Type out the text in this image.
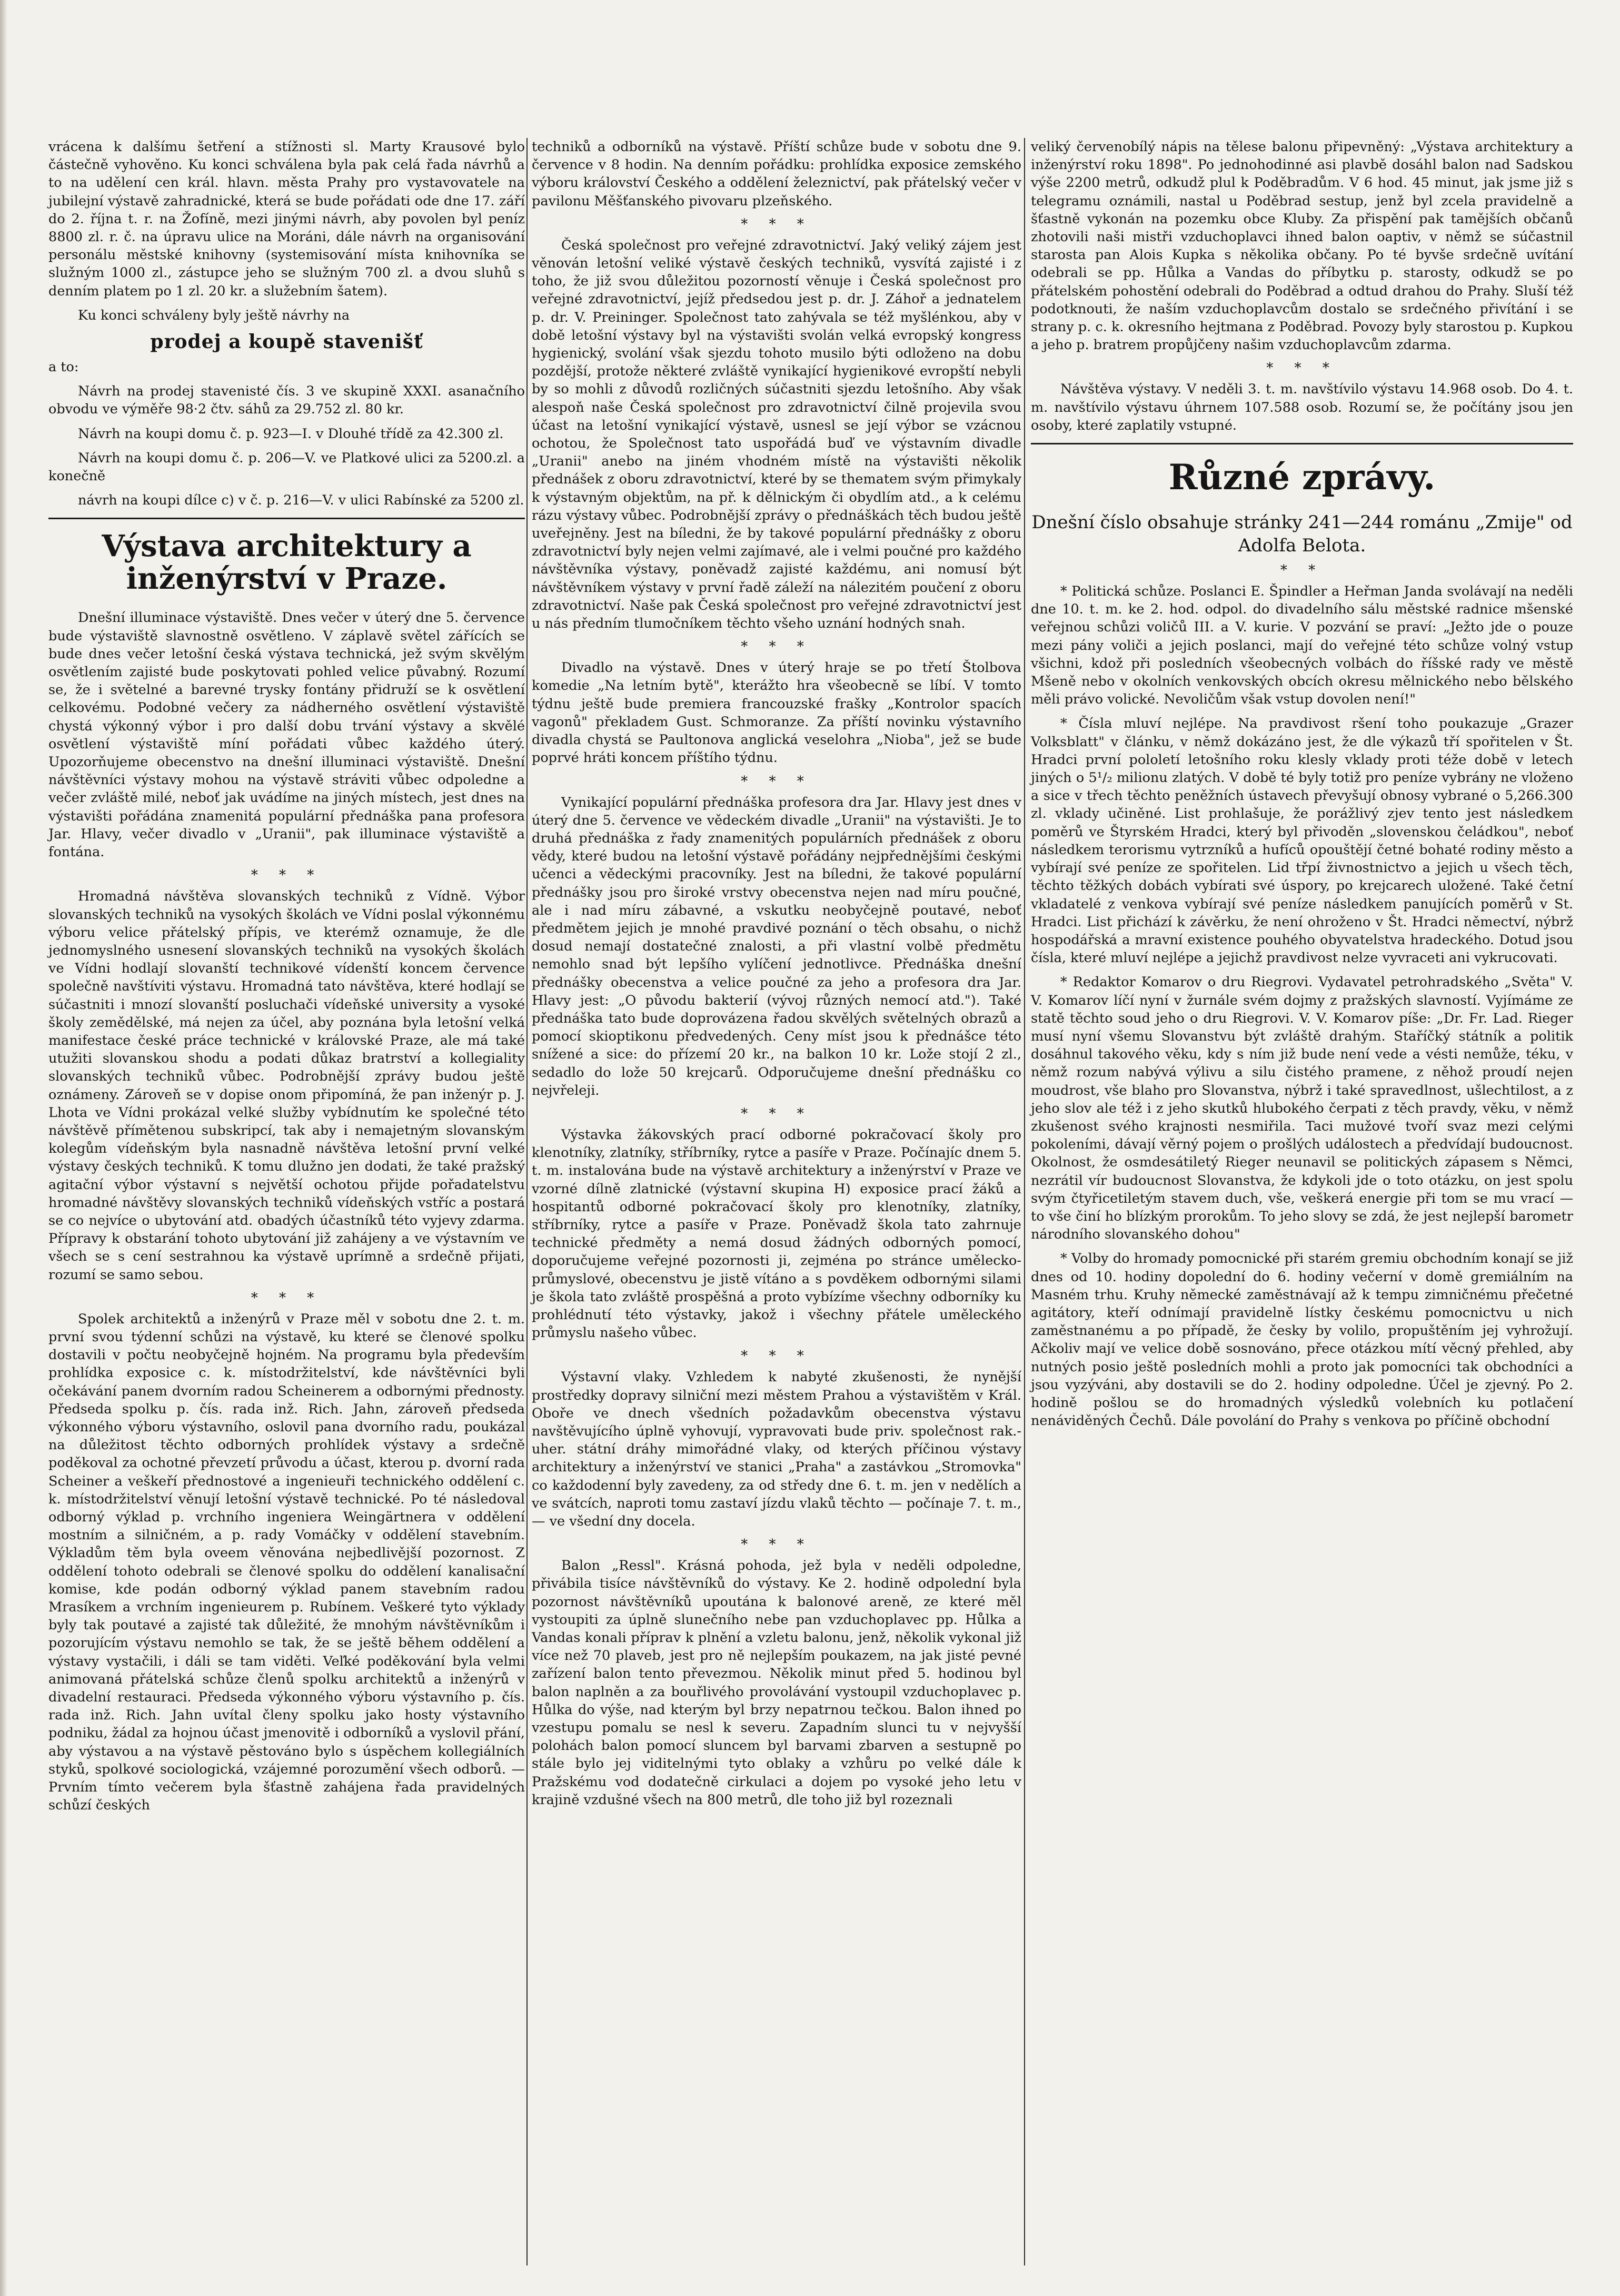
vrácena k dalšímu šetření a stížnosti sl. Marty Krausové bylo částečně vyhověno. Ku konci schválena byla pak celá řada návrhů a to na udělení cen král. hlavn. města Prahy pro vystavovatele na jubilejní výstavě zahradnické, která se bude pořádati ode dne 17. září do 2. října t. r. na Žofíně, mezi jinými návrh, aby povolen byl peníz 8800 zl. r. č. na úpravu ulice na Moráni, dále návrh na organisování personálu městské knihovny (systemisování místa knihovníka se služným 1000 zl., zástupce jeho se služným 700 zl. a dvou sluhů s denním platem po 1 zl. 20 kr. a služebním šatem).

Ku konci schváleny byly ještě návrhy na

prodej a koupě stavenišť

a to:

Návrh na prodej stavenisté čís. 3 ve skupině XXXI. asanačního obvodu ve výměře 98·2 čtv. sáhů za 29.752 zl. 80 kr.

Návrh na koupi domu č. p. 923—I. v Dlouhé třídě za 42.300 zl.

Návrh na koupi domu č. p. 206—V. ve Platkové ulici za 5200.zl. a konečně

návrh na koupi dílce c) v č. p. 216—V. v ulici Rabínské za 5200 zl.

Výstava architektury a inženýrství v Praze.

Dnešní illuminace výstaviště. Dnes večer v úterý dne 5. července bude výstaviště slavnostně osvětleno. V záplavě světel zářících se bude dnes večer letošní česká výstava technická, jež svým skvělým osvětlením zajisté bude poskytovati pohled velice půvabný. Rozumí se, že i světelné a barevné trysky fontány přidruží se k osvětlení celkovému. Podobné večery za nádherného osvětlení výstaviště chystá výkonný výbor i pro další dobu trvání výstavy a skvělé osvětlení výstaviště míní pořádati vůbec každého úterý. Upozorňujeme obecenstvo na dnešní illuminaci výstaviště. Dnešní návštěvníci výstavy mohou na výstavě stráviti vůbec odpoledne a večer zvláště milé, neboť jak uvádíme na jiných místech, jest dnes na výstavišti pořádána znamenitá populární přednáška pana profesora Jar. Hlavy, večer divadlo v „Uranii", pak illuminace výstaviště a fontána.

* * *

Hromadná návštěva slovanských techniků z Vídně. Výbor slovanských techniků na vysokých školách ve Vídni poslal výkonnému výboru velice přátelský přípis, ve kterémž oznamuje, že dle jednomyslného usnesení slovanských techniků na vysokých školách ve Vídni hodlají slovanští technikové vídenští koncem července společně navštíviti výstavu. Hromadná tato návštěva, které hodlají se súčastniti i mnozí slovanští posluchači vídeňské university a vysoké školy zemědělské, má nejen za účel, aby poznána byla letošní velká manifestace české práce technické v královské Praze, ale má také utužiti slovanskou shodu a podati důkaz bratrství a kollegiality slovanských techniků vůbec. Podrobnější zprávy budou ještě oznámeny. Zároveň se v dopise onom připomíná, že pan inženýr p. J. Lhota ve Vídni prokázal velké služby vybídnutím ke společné této návštěvě přímětenou subskripcí, tak aby i nemajetným slovanským kolegům vídeňským byla nasnadně návštěva letošní první velké výstavy českých techniků. K tomu dlužno jen dodati, že také pražský agitační výbor výstavní s největší ochotou přijde pořadatelstvu hromadné návštěvy slovanských techniků vídeňských vstříc a postará se co nejvíce o ubytování atd. obadých účastníků této vyjevy zdarma. Přípravy k obstarání tohoto ubytování již zahájeny a ve výstavním ve všech se s cení sestrahnou ka výstavě uprímně a srdečně přijati, rozumí se samo sebou.

* * *

Spolek architektů a inženýrů v Praze měl v sobotu dne 2. t. m. první svou týdenní schůzi na výstavě, ku které se členové spolku dostavili v počtu neobyčejně hojném. Na programu byla především prohlídka exposice c. k. místodržitelství, kde návštěvníci byli očekávání panem dvorním radou Scheinerem a odbornými přednosty. Předseda spolku p. čís. rada inž. Rich. Jahn, zároveň předseda výkonného výboru výstavního, oslovil pana dvorního radu, poukázal na důležitost těchto odborných prohlídek výstavy a srdečně poděkoval za ochotné převzetí průvodu a účast, kterou p. dvorní rada Scheiner a veškeří přednostové a ingenieuři technického oddělení c. k. místodržitelství věnují letošní výstavě technické. Po té následoval odborný výklad p. vrchního ingeniera Weingärtnera v oddělení mostním a silničném, a p. rady Vomáčky v oddělení stavebním. Výkladům těm byla oveem věnována nejbedlivější pozornost. Z oddělení tohoto odebrali se členové spolku do oddělení kanalisační komise, kde podán odborný výklad panem stavebním radou Mrasíkem a vrchním ingenieurem p. Rubínem. Veškeré tyto výklady byly tak poutavé a zajisté tak důležité, že mnohým návštěvníkům i pozorujícím výstavu nemohlo se tak, že se ještě během oddělení a výstavy vystačili, i dáli se tam viděti. Veľké poděkování byla velmi animovaná přátelská schůze členů spolku architektů a inženýrů v divadelní restauraci. Předseda výkonného výboru výstavního p. čís. rada inž. Rich. Jahn uvítal členy spolku jako hosty výstavního podniku, žádal za hojnou účast jmenovitě i odborníků a vyslovil přání, aby výstavou a na výstavě pěstováno bylo s úspěchem kollegiálních styků, spolkové sociologická, vzájemné porozumění všech odborů. — Prvním tímto večerem byla šťastně zahájena řada pravidelných schůzí českých

techniků a odborníků na výstavě. Příští schůze bude v sobotu dne 9. července v 8 hodin. Na denním pořádku: prohlídka exposice zemského výboru království Českého a oddělení železnictví, pak přátelský večer v pavilonu Měšťanského pivovaru plzeňského.

* * *

Česká společnost pro veřejné zdravotnictví. Jaký veliký zájem jest věnován letošní veliké výstavě českých techniků, vysvítá zajisté i z toho, že již svou důležitou pozorností věnuje i Česká společnost pro veřejné zdravotnictví, jejíž předsedou jest p. dr. J. Záhoř a jednatelem p. dr. V. Preininger. Společnost tato zahývala se též myšlénkou, aby v době letošní výstavy byl na výstavišti svolán velká evropský kongress hygienický, svolání však sjezdu tohoto musilo býti odloženo na dobu pozdější, protože některé zvláště vynikající hygienikové evropští nebyli by so mohli z důvodů rozličných súčastniti sjezdu letošního. Aby však alespoň naše Česká společnost pro zdravotnictví čilně projevila svou účast na letošní vynikající výstavě, usnesl se její výbor se vzácnou ochotou, že Společnost tato uspořádá buď ve výstavním divadle „Uranii" anebo na jiném vhodném místě na výstavišti několik přednášek z oboru zdravotnictví, které by se thematem svým přimykaly k výstavným objektům, na př. k dělnickým či obydlím atd., a k celému rázu výstavy vůbec. Podrobnější zprávy o přednáškách těch budou ještě uveřejněny. Jest na bíledni, že by takové populární přednášky z oboru zdravotnictví byly nejen velmi zajímavé, ale i velmi poučné pro každého návštěvníka výstavy, poněvadž zajisté každému, ani nomusí být návštěvníkem výstavy v první řadě záleží na nálezitém poučení z oboru zdravotnictví. Naše pak Česká společnost pro veřejné zdravotnictví jest u nás předním tlumočníkem těchto všeho uznání hodných snah.

* * *

Divadlo na výstavě. Dnes v úterý hraje se po třetí Štolbova komedie „Na letním bytě", kterážto hra všeobecně se líbí. V tomto týdnu ještě bude premiera francouzské frašky „Kontrolor spacích vagonů" překladem Gust. Schmoranze. Za příští novinku výstavního divadla chystá se Paultonova anglická veselohra „Nioba", jež se bude poprvé hráti koncem příštího týdnu.

* * *

Vynikající populární přednáška profesora dra Jar. Hlavy jest dnes v úterý dne 5. července ve vědeckém divadle „Uranii" na výstavišti. Je to druhá přednáška z řady znamenitých populárních přednášek z oboru vědy, které budou na letošní výstavě pořádány nejpřednějšími českými učenci a vědeckými pracovníky. Jest na bíledni, že takové populární přednášky jsou pro široké vrstvy obecenstva nejen nad míru poučné, ale i nad míru zábavné, a vskutku neobyčejně poutavé, neboť předmětem jejich je mnohé pravdivé poznání o těch obsahu, o nichž dosud nemají dostatečné znalosti, a při vlastní volbě předmětu nemohlo snad být lepšího vylíčení jednotlivce. Přednáška dnešní přednášky obecenstva a velice poučné za jeho a profesora dra Jar. Hlavy jest: „O původu bakterií (vývoj různých nemocí atd."). Také přednáška tato bude doprovázena řadou skvělých světelných obrazů a pomocí skioptikonu předvedených. Ceny míst jsou k přednášce této snížené a sice: do přízemí 20 kr., na balkon 10 kr. Lože stojí 2 zl., sedadlo do lože 50 krejcarů. Odporučujeme dnešní přednášku co nejvřeleji.

* * *

Výstavka žákovských prací odborné pokračovací školy pro klenotníky, zlatníky, stříbrníky, rytce a pasíře v Praze. Počínajíc dnem 5. t. m. instalována bude na výstavě architektury a inženýrství v Praze ve vzorné dílně zlatnické (výstavní skupina H) exposice prací žáků a hospitantů odborné pokračovací školy pro klenotníky, zlatníky, stříbrníky, rytce a pasíře v Praze. Poněvadž škola tato zahrnuje technické předměty a nemá dosud žádných odborných pomocí, doporučujeme veřejné pozornosti ji, zejména po stránce umělecko-průmyslové, obecenstvu je jistě vítáno a s povděkem odbornými silami je škola tato zvláště prospěšná a proto vybízíme všechny odborníky ku prohlédnutí této výstavky, jakož i všechny přátele uměleckého průmyslu našeho vůbec.

* * *

Výstavní vlaky. Vzhledem k nabyté zkušenosti, že nynější prostředky dopravy silniční mezi městem Prahou a výstavištěm v Král. Oboře ve dnech všedních požadavkům obecenstva výstavu navštěvujícího úplně vyhovují, vypravovati bude priv. společnost rak.-uher. státní dráhy mimořádné vlaky, od kterých příčinou výstavy architektury a inženýrství ve stanici „Praha" a zastávkou „Stromovka" co každodenní byly zavedeny, za od středy dne 6. t. m. jen v nedělích a ve svátcích, naproti tomu zastaví jízdu vlaků těchto — počínaje 7. t. m., — ve všední dny docela.

* * *

Balon „Ressl". Krásná pohoda, jež byla v neděli odpoledne, přivábila tisíce návštěvníků do výstavy. Ke 2. hodině odpolední byla pozornost návštěvníků upoutána k balonové areně, ze které měl vystoupiti za úplně slunečního nebe pan vzduchoplavec pp. Hůlka a Vandas konali příprav k plnění a vzletu balonu, jenž, několik vykonal již více než 70 plaveb, jest pro ně nejlepším poukazem, na jak jisté pevné zařízení balon tento převezmou. Několik minut před 5. hodinou byl balon naplněn a za bouřlivého provolávání vystoupil vzduchoplavec p. Hůlka do výše, nad kterým byl brzy nepatrnou tečkou. Balon ihned po vzestupu pomalu se nesl k severu. Zapadním slunci tu v nejvyšší polohách balon pomocí sluncem byl barvami zbarven a sestupně po stále bylo jej viditelnými tyto oblaky a vzhůru po velké dále k Pražskému vod dodatečně cirkulaci a dojem po vysoké jeho letu v krajině vzdušné všech na 800 metrů, dle toho již byl rozeznali

veliký červenobílý nápis na tělese balonu připevněný: „Výstava architektury a inženýrství roku 1898". Po jednohodinné asi plavbě dosáhl balon nad Sadskou výše 2200 metrů, odkudž plul k Poděbradům. V 6 hod. 45 minut, jak jsme již s telegramu oznámili, nastal u Poděbrad sestup, jenž byl zcela pravidelně a šťastně vykonán na pozemku obce Kluby. Za přispění pak tamějších občanů zhotovili naši mistři vzduchoplavci ihned balon oaptiv, v němž se súčastnil starosta pan Alois Kupka s několika občany. Po té byvše srdečně uvítání odebrali se pp. Hůlka a Vandas do příbytku p. starosty, odkudž se po přátelském pohostění odebrali do Poděbrad a odtud drahou do Prahy. Sluší též podotknouti, že naším vzduchoplavcům dostalo se srdečného přivítání i se strany p. c. k. okresního hejtmana z Poděbrad. Povozy byly starostou p. Kupkou a jeho p. bratrem propůjčeny našim vzduchoplavcům zdarma.

* * *

Návštěva výstavy. V neděli 3. t. m. navštívilo výstavu 14.968 osob. Do 4. t. m. navštívilo výstavu úhrnem 107.588 osob. Rozumí se, že počítány jsou jen osoby, které zaplatily vstupné.

Různé zprávy.
Dnešní číslo obsahuje stránky 241—244 románu „Zmije" od Adolfa Belota.
* *

* Politická schůze. Poslanci E. Špindler a Heřman Janda svolávají na neděli dne 10. t. m. ke 2. hod. odpol. do divadelního sálu městské radnice mšenské veřejnou schůzi voličů III. a V. kurie. V pozvání se praví: „Ježto jde o pouze mezi pány voliči a jejich poslanci, mají do veřejné této schůze volný vstup všichni, kdož při posledních všeobecných volbách do říšské rady ve městě Mšeně nebo v okolních venkovských obcích okresu mělnického nebo bělského měli právo volické. Nevoličům však vstup dovolen není!"

* Čísla mluví nejlépe. Na pravdivost ršení toho poukazuje „Grazer Volksblatt" v článku, v němž dokázáno jest, že dle výkazů tří spořitelen v Št. Hradci první pololetí letošního roku klesly vklady proti téže době v letech jiných o 5¹/₂ milionu zlatých. V době té byly totiž pro peníze vybrány ne vloženo a sice v třech těchto peněžních ústavech převyšují obnosy vybrané o 5,266.300 zl. vklady učiněné. List prohlašuje, že porážlivý zjev tento jest následkem poměrů ve Štyrském Hradci, který byl přivoděn „slovenskou čeládkou", neboť následkem terorismu vytrzníků a hufíců opouštějí četné bohaté rodiny město a vybírají své peníze ze spořitelen. Lid třpí živnostnictvo a jejich u všech těch, těchto těžkých dobách vybírati své úspory, po krejcarech uložené. Také četní vkladatelé z venkova vybírají své peníze následkem panujících poměrů v St. Hradci. List přichází k závěrku, že není ohroženo v Št. Hradci němectví, nýbrž hospodářská a mravní existence pouhého obyvatelstva hradeckého. Dotud jsou čísla, které mluví nejlépe a jejichž pravdivost nelze vyvraceti ani vykrucovati.

* Redaktor Komarov o dru Riegrovi. Vydavatel petrohradského „Světa" V. V. Komarov líčí nyní v žurnále svém dojmy z pražských slavností. Vyjímáme ze statě těchto soud jeho o dru Riegrovi. V. V. Komarov píše: „Dr. Fr. Lad. Rieger musí nyní všemu Slovanstvu být zvláště drahým. Staříčký státník a politik dosáhnul takového věku, kdy s ním již bude není vede a vésti nemůže, téku, v němž rozum nabývá výlivu a silu čistého pramene, z něhož proudí nejen moudrost, vše blaho pro Slovanstva, nýbrž i také spravedlnost, ušlechtilost, a z jeho slov ale též i z jeho skutků hlubokého čerpati z těch pravdy, věku, v němž zkušenost svého krajnosti nesmiřila. Taci mužové tvoří svaz mezi celými pokoleními, dávají věrný pojem o prošlých událostech a předvídají budoucnost. Okolnost, že osmdesátiletý Rieger neunavil se politických zápasem s Němci, nezrátil vír budoucnost Slovanstva, že kdykoli jde o toto otázku, on jest spolu svým čtyřicetiletým stavem duch, vše, veškerá energie při tom se mu vrací — to vše činí ho blízkým prorokům. To jeho slovy se zdá, že jest nejlepší barometr národního slovanského dohou"

* Volby do hromady pomocnické při starém gremiu obchodním konají se již dnes od 10. hodiny dopolední do 6. hodiny večerní v domě gremiálním na Masném trhu. Kruhy německé zaměstnávají až k tempu zimničnému přečetné agitátory, kteří odnímají pravidelně lístky českému pomocnictvu u nich zaměstnanému a po případě, že česky by volilo, propuštěním jej vyhrožují. Ačkoliv mají ve velice době sosnováno, přece otázkou mítí věcný přehled, aby nutných posio ještě posledních mohli a proto jak pomocníci tak obchodníci a jsou vyzýváni, aby dostavili se do 2. hodiny odpoledne. Účel je zjevný. Po 2. hodině pošlou se do hromadných výsledků volebních ku potlačení nenáviděných Čechů. Dále povolání do Prahy s venkova po příčině obchodní
